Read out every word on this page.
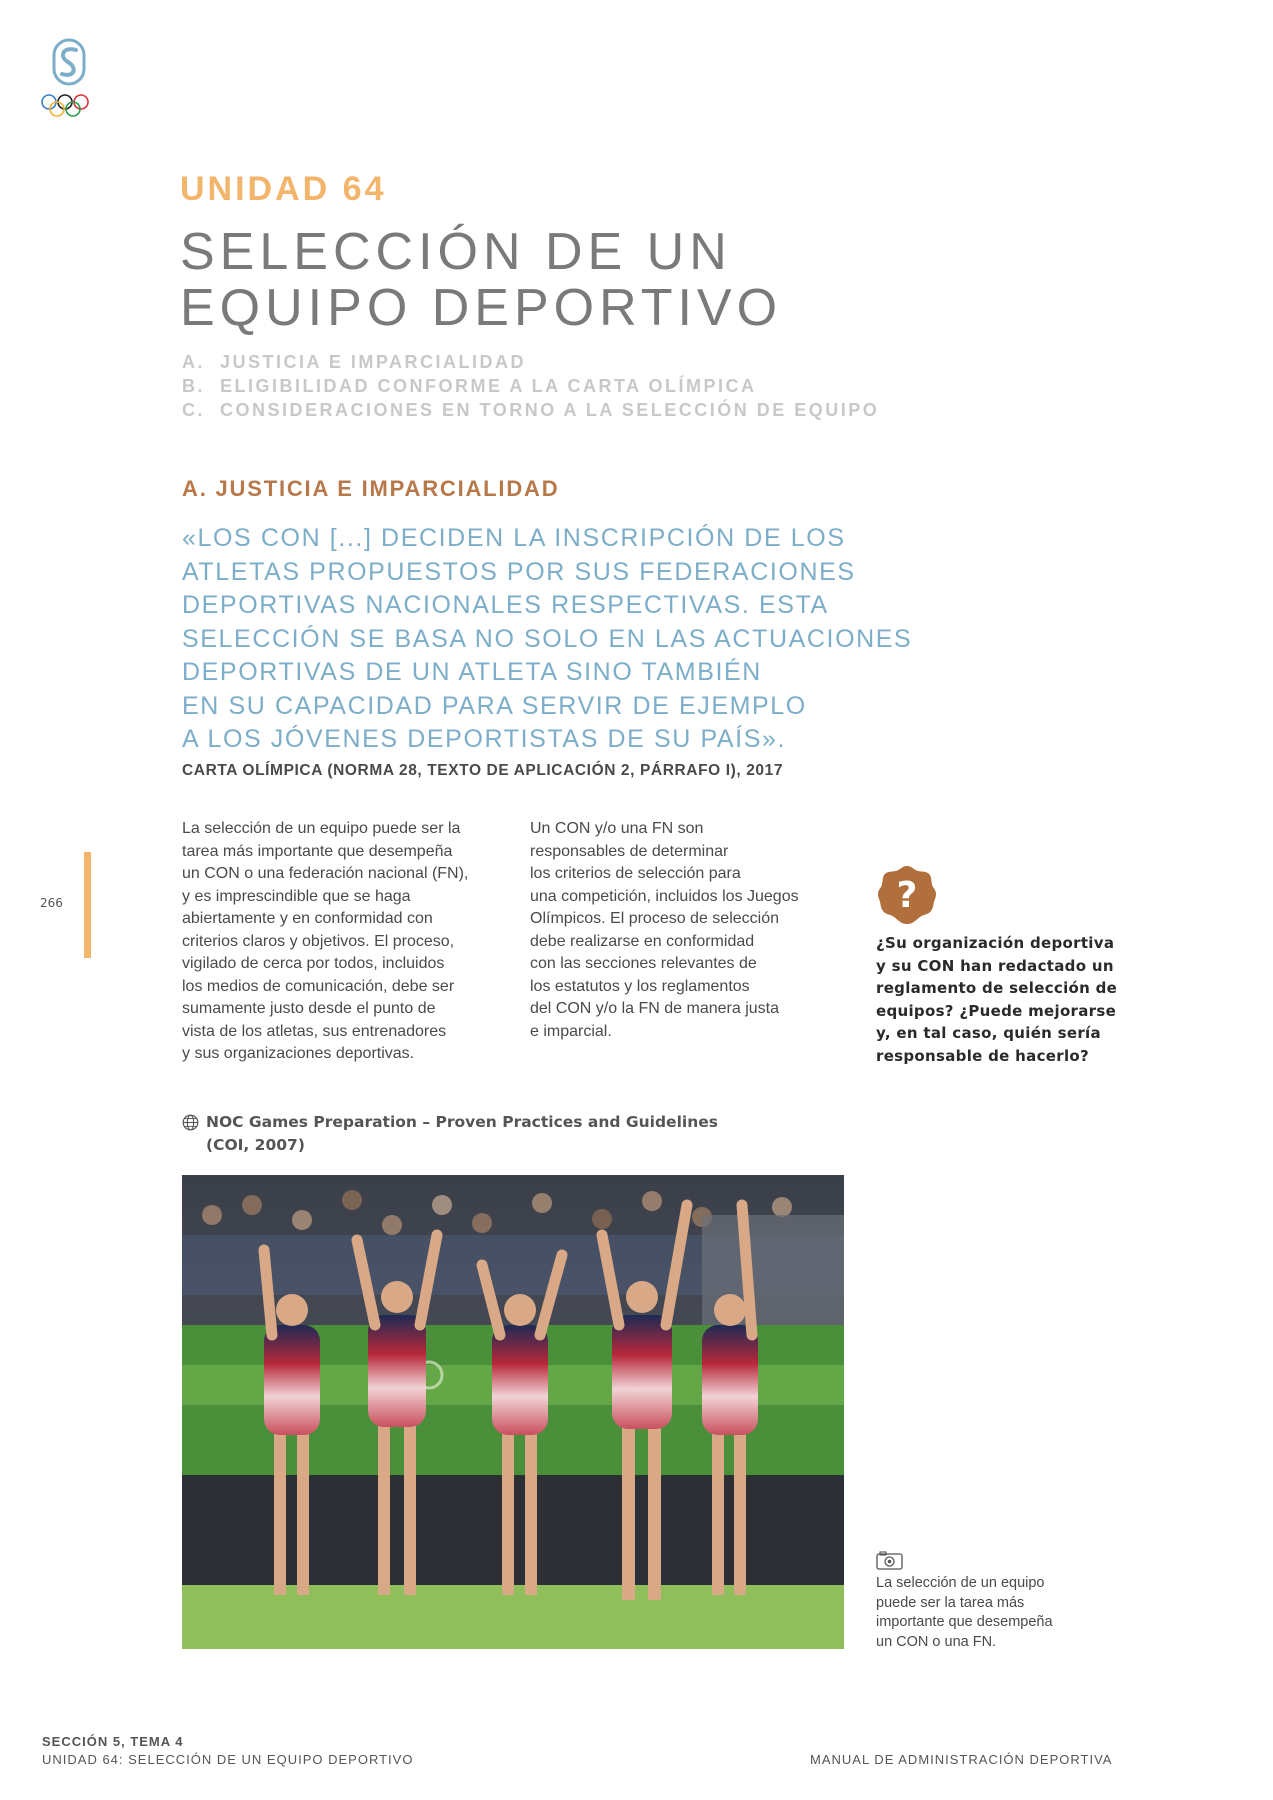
UNIDAD 64
SELECCIÓN DE UN
EQUIPO DEPORTIVO
A. JUSTICIA E IMPARCIALIDAD
B. ELIGIBILIDAD CONFORME A LA CARTA OLÍMPICA
C. CONSIDERACIONES EN TORNO A LA SELECCIÓN DE EQUIPO
A. JUSTICIA E IMPARCIALIDAD
«LOS CON [...] DECIDEN LA INSCRIPCIÓN DE LOS
ATLETAS PROPUESTOS POR SUS FEDERACIONES
DEPORTIVAS NACIONALES RESPECTIVAS. ESTA
SELECCIÓN SE BASA NO SOLO EN LAS ACTUACIONES
DEPORTIVAS DE UN ATLETA SINO TAMBIÉN
EN SU CAPACIDAD PARA SERVIR DE EJEMPLO
A LOS JÓVENES DEPORTISTAS DE SU PAÍS».
CARTA OLÍMPICA (NORMA 28, TEXTO DE APLICACIÓN 2, PÁRRAFO I), 2017
266

La selección de un equipo puede ser la
tarea más importante que desempeña
un CON o una federación nacional (FN),
y es imprescindible que se haga
abiertamente y en conformidad con
criterios claros y objetivos. El proceso,
vigilado de cerca por todos, incluidos
los medios de comunicación, debe ser
sumamente justo desde el punto de
vista de los atletas, sus entrenadores
y sus organizaciones deportivas.

Un CON y/o una FN son
responsables de determinar
los criterios de selección para
una competición, incluidos los Juegos
Olímpicos. El proceso de selección
debe realizarse en conformidad
con las secciones relevantes de
los estatutos y los reglamentos
del CON y/o la FN de manera justa
e imparcial.

?

¿Su organización deportiva
y su CON han redactado un
reglamento de selección de
equipos? ¿Puede mejorarse
y, en tal caso, quién sería
responsable de hacerlo?

NOC Games Preparation – Proven Practices and Guidelines
(COI, 2007)

La selección de un equipo
puede ser la tarea más
importante que desempeña
un CON o una FN.

SECCIÓN 5, TEMA 4
UNIDAD 64: SELECCIÓN DE UN EQUIPO DEPORTIVO	MANUAL DE ADMINISTRACIÓN DEPORTIVA
